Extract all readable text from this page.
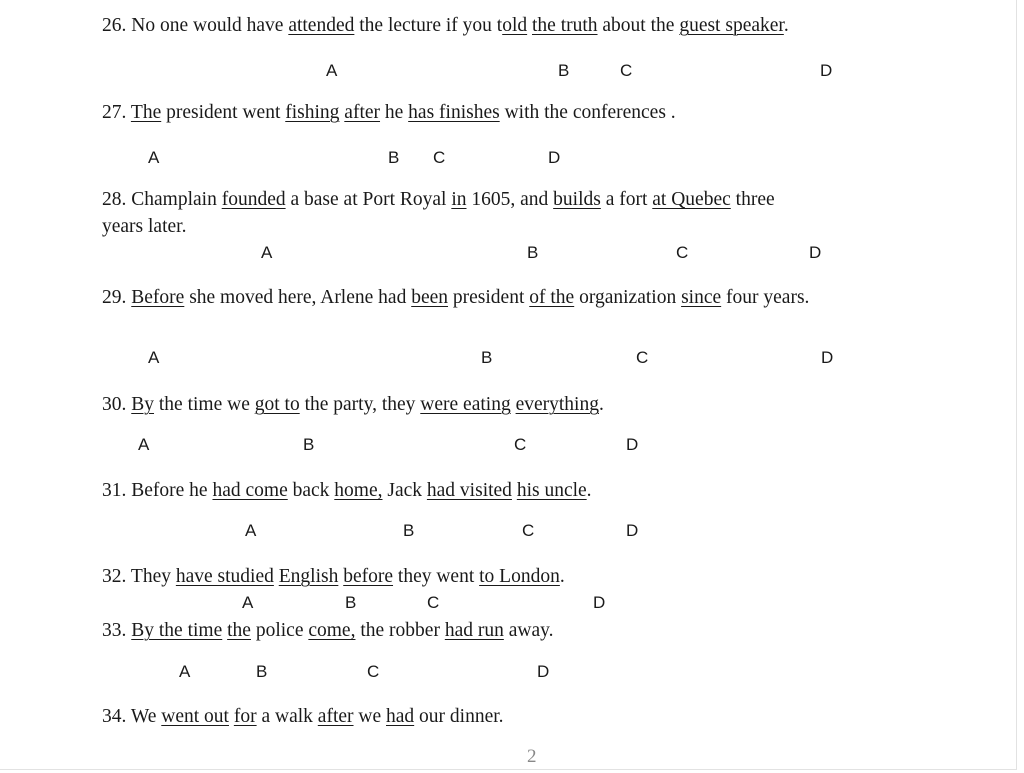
26. No one would have attended the lecture if you told the truth about the guest speaker.
A	B	C	D
27. The president went fishing after he has finishes with the conferences .
A	B C	D
28. Champlain founded a base at Port Royal in 1605, and builds a fort at Quebec three
years later.
A	B	C	D
29. Before she moved here, Arlene had been president of the organization since four years.
A	B	C	D
30. By the time we got to the party, they were eating everything.
A	B	C	D
31. Before he had come back home, Jack had visited his uncle.
A	B	C	D
32. They have studied English before they went to London.
A	B	C	D
33. By the time the police come, the robber had run away.
A	B	C	D
34. We went out for a walk after we had our dinner.
2
